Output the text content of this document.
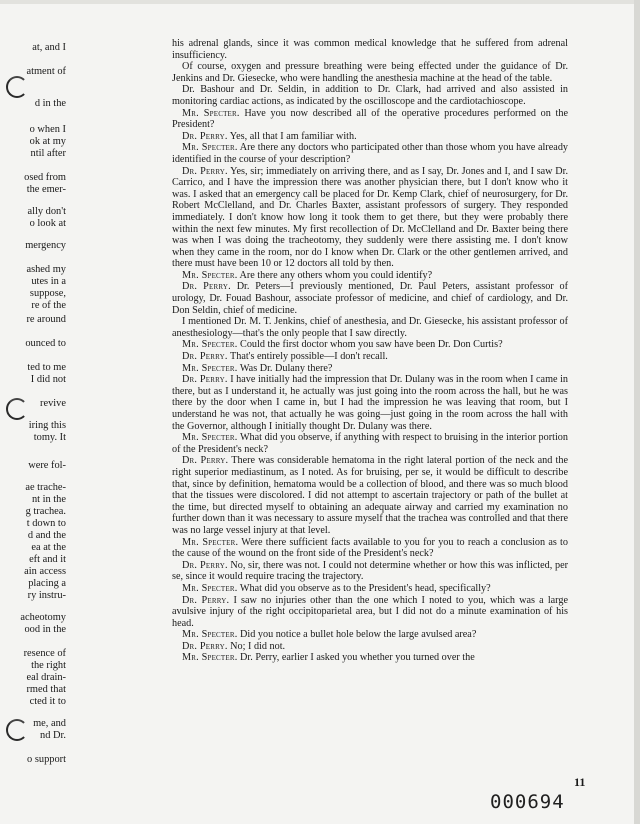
at, and I
atment of
d in the
o when I
ok at my
ntil after
osed from
the emer-
ally don't
o look at
mergency
ashed my
utes in a
suppose,
re of the
re around
ounced to
ted to me
I did not
revive
iring this
tomy. It
were fol-
ae trache-
nt in the
g trachea.
t down to
d and the
ea at the
eft and it
ain access
placing a
ry instru-
acheotomy
ood in the
resence of
the right
eal drain-
rmed that
cted it to
me, and
nd Dr.
o support

his adrenal glands, since it was common medical knowledge that he suffered from adrenal insufficiency.

Of course, oxygen and pressure breathing were being effected under the guidance of Dr. Jenkins and Dr. Giesecke, who were handling the anesthesia machine at the head of the table.

Dr. Bashour and Dr. Seldin, in addition to Dr. Clark, had arrived and also assisted in monitoring cardiac actions, as indicated by the oscilloscope and the cardiotachioscope.

Mr. Specter. Have you now described all of the operative procedures performed on the President?

Dr. Perry. Yes, all that I am familiar with.

Mr. Specter. Are there any doctors who participated other than those whom you have already identified in the course of your description?

Dr. Perry. Yes, sir; immediately on arriving there, and as I say, Dr. Jones and I, and I saw Dr. Carrico, and I have the impression there was another physician there, but I don't know who it was. I asked that an emergency call be placed for Dr. Kemp Clark, chief of neurosurgery, for Dr. Robert McClelland, and Dr. Charles Baxter, assistant professors of surgery. They responded immediately. I don't know how long it took them to get there, but they were probably there within the next few minutes. My first recollection of Dr. McClelland and Dr. Baxter being there was when I was doing the tracheotomy, they suddenly were there assisting me. I don't know when they came in the room, nor do I know when Dr. Clark or the other gentlemen arrived, and there must have been 10 or 12 doctors all told by then.

Mr. Specter. Are there any others whom you could identify?

Dr. Perry. Dr. Peters—I previously mentioned, Dr. Paul Peters, assistant professor of urology, Dr. Fouad Bashour, associate professor of medicine, and chief of cardiology, and Dr. Don Seldin, chief of medicine.

I mentioned Dr. M. T. Jenkins, chief of anesthesia, and Dr. Giesecke, his assistant professor of anesthesiology—that's the only people that I saw directly.

Mr. Specter. Could the first doctor whom you saw have been Dr. Don Curtis?

Dr. Perry. That's entirely possible—I don't recall.

Mr. Specter. Was Dr. Dulany there?

Dr. Perry. I have initially had the impression that Dr. Dulany was in the room when I came in there, but as I understand it, he actually was just going into the room across the hall, but he was there by the door when I came in, but I had the impression he was leaving that room, but I understand he was not, that actually he was going—just going in the room across the hall with the Governor, although I initially thought Dr. Dulany was there.

Mr. Specter. What did you observe, if anything with respect to bruising in the interior portion of the President's neck?

Dr. Perry. There was considerable hematoma in the right lateral portion of the neck and the right superior mediastinum, as I noted. As for bruising, per se, it would be difficult to describe that, since by definition, hematoma would be a collection of blood, and there was so much blood that the tissues were discolored. I did not attempt to ascertain trajectory or path of the bullet at the time, but directed myself to obtaining an adequate airway and carried my examination no further down than it was necessary to assure myself that the trachea was controlled and that there was no large vessel injury at that level.

Mr. Specter. Were there sufficient facts available to you for you to reach a conclusion as to the cause of the wound on the front side of the President's neck?

Dr. Perry. No, sir, there was not. I could not determine whether or how this was inflicted, per se, since it would require tracing the trajectory.

Mr. Specter. What did you observe as to the President's head, specifically?

Dr. Perry. I saw no injuries other than the one which I noted to you, which was a large avulsive injury of the right occipitoparietal area, but I did not do a minute examination of his head.

Mr. Specter. Did you notice a bullet hole below the large avulsed area?

Dr. Perry. No; I did not.

Mr. Specter. Dr. Perry, earlier I asked you whether you turned over the

11
000694
